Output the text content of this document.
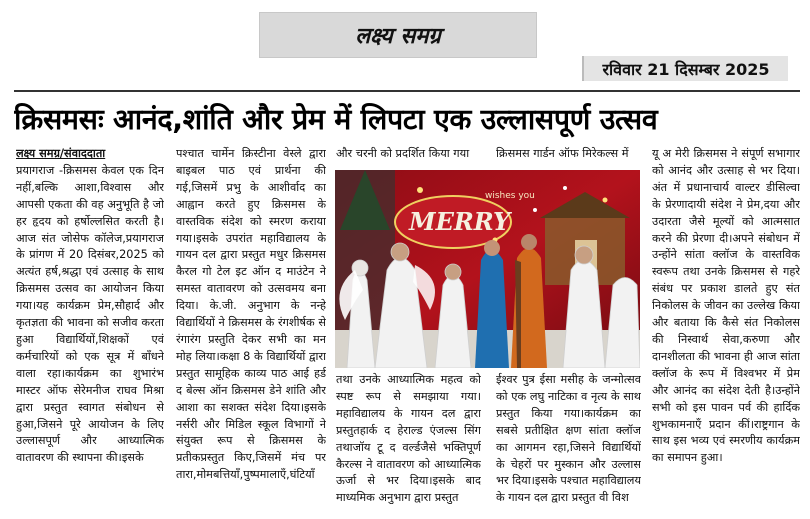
लक्ष्य समग्र
रविवार 21 दिसम्बर 2025
क्रिसमसः आनंद,शांति और प्रेम में लिपटा एक उल्लासपूर्ण उत्सव
लक्ष्य समग्र/संवाददाता
प्रयागराज -क्रिसमस केवल एक दिन नहीं,बल्कि आशा,विश्वास और आपसी एकता की वह अनुभूति है जो हर हृदय को हर्षोल्लसित करती है। आज संत जोसेफ कॉलेज,प्रयागराज के प्रांगण में 20 दिसंबर,2025 को अत्यंत हर्ष,श्रद्धा एवं उत्साह के साथ क्रिसमस उत्सव का आयोजन किया गया।यह कार्यक्रम प्रेम,सौहार्द और कृतज्ञता की भावना को सजीव करता हुआ विद्यार्थियों,शिक्षकों एवं कर्मचारियों को एक सूत्र में बाँधने वाला रहा।कार्यक्रम का शुभारंभ मास्टर ऑफ सेरेमनीज राघव मिश्रा द्वारा प्रस्तुत स्वागत संबोधन से हुआ,जिसने पूरे आयोजन के लिए उल्लासपूर्ण और आध्यात्मिक वातावरण की स्थापना की।इसके
पश्चात चार्मेन क्रिस्टीना वेस्ले द्वारा बाइबल पाठ एवं प्रार्थना की गई,जिसमें प्रभु के आशीर्वाद का आह्वान करते हुए क्रिसमस के वास्तविक संदेश को स्मरण कराया गया।इसके उपरांत महाविद्यालय के गायन दल द्वारा प्रस्तुत मधुर क्रिसमस कैरल गो टेल इट ऑन द माउंटेन ने समस्त वातावरण को उत्सवमय बना दिया। के.जी. अनुभाग के नन्हे विद्यार्थियों ने क्रिसमस के रंगशीर्षक से रंगारंग प्रस्तुति देकर सभी का मन मोह लिया।कक्षा 8 के विद्यार्थियों द्वारा प्रस्तुत सामूहिक काव्य पाठ आई हर्ड द बेल्स ऑन क्रिसमस डेने शांति और आशा का सशक्त संदेश दिया।इसके नर्सरी और मिडिल स्कूल विभागों ने संयुक्त रूप से क्रिसमस के प्रतीकप्रस्तुत किए,जिसमें मंच पर तारा,मोमबत्तियाँ,पुष्पमालाएँ,घंटियाँ
और चरनी को प्रदर्शित किया गया	क्रिसमस गार्डन ऑफ मिरेकल्स में
MERRY
wishes you
तथा उनके आध्यात्मिक महत्व को स्पष्ट रूप से समझाया गया। महाविद्यालय के गायन दल द्वारा प्रस्तुतहार्क द हेराल्ड एंजल्स सिंग तथाजॉय टू द वर्ल्डजैसे भक्तिपूर्ण कैरल्स ने वातावरण को आध्यात्मिक ऊर्जा से भर दिया।इसके बाद माध्यमिक अनुभाग द्वारा प्रस्तुत
ईश्वर पुत्र ईसा मसीह के जन्मोत्सव को एक लघु नाटिका व नृत्य के साथ प्रस्तुत किया गया।कार्यक्रम का सबसे प्रतीक्षित क्षण सांता क्लॉज का आगमन रहा,जिसने विद्यार्थियों के चेहरों पर मुस्कान और उल्लास भर दिया।इसके पश्चात महाविद्यालय के गायन दल द्वारा प्रस्तुत वी विश
यू अ मेरी क्रिसमस ने संपूर्ण सभागार को आनंद और उत्साह से भर दिया।अंत में प्रधानाचार्य वाल्टर डीसिल्वा के प्रेरणादायी संदेश ने प्रेम,दया और उदारता जैसे मूल्यों को आत्मसात करने की प्रेरणा दी।अपने संबोधन में उन्होंने सांता क्लॉज के वास्तविक स्वरूप तथा उनके क्रिसमस से गहरे संबंध पर प्रकाश डालते हुए संत निकोलस के जीवन का उल्लेख किया और बताया कि कैसे संत निकोलस की निस्वार्थ सेवा,करुणा और दानशीलता की भावना ही आज सांता क्लॉज के रूप में विश्वभर में प्रेम और आनंद का संदेश देती है।उन्होंने सभी को इस पावन पर्व की हार्दिक शुभकामनाएँ प्रदान कीं।राष्ट्रगान के साथ इस भव्य एवं स्मरणीय कार्यक्रम का समापन हुआ।
